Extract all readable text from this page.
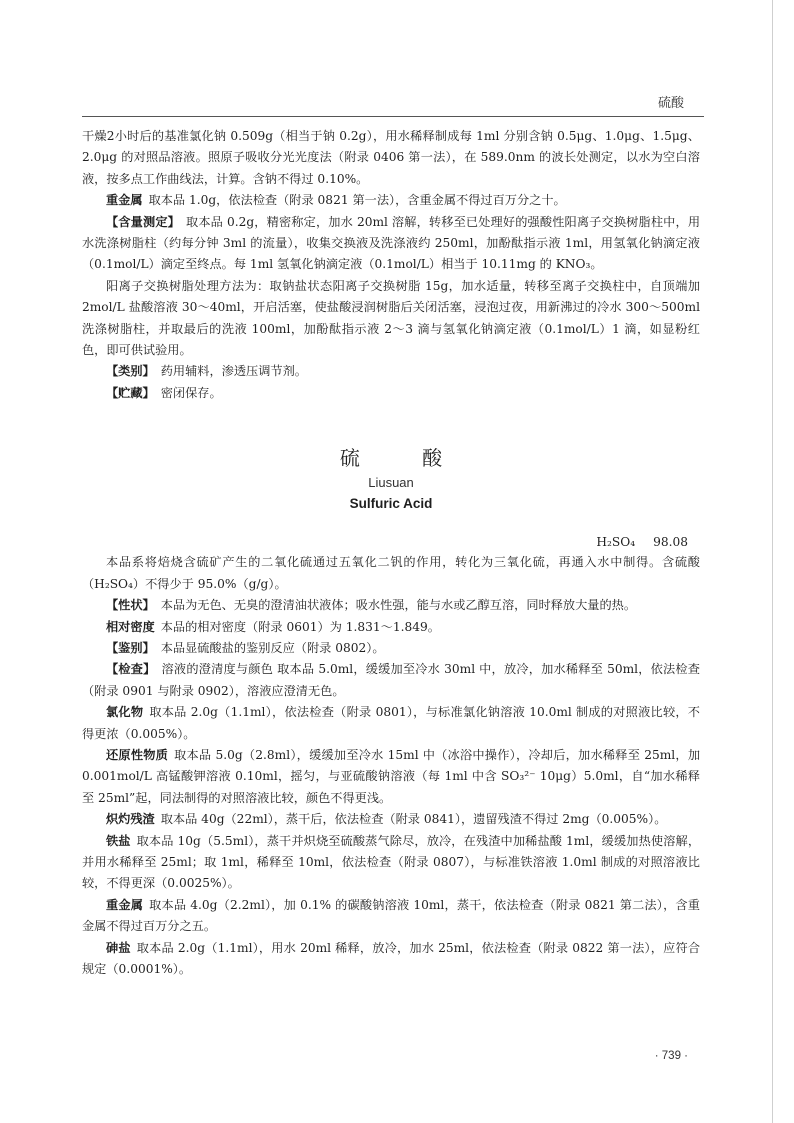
硫酸

干燥2小时后的基准氯化钠 0.509g（相当于钠 0.2g），用水稀释制成每 1ml 分别含钠 0.5μg、1.0μg、1.5μg、2.0μg 的对照品溶液。照原子吸收分光光度法（附录 0406 第一法），在 589.0nm 的波长处测定，以水为空白溶液，按多点工作曲线法，计算。含钠不得过 0.10%。

重金属 取本品 1.0g，依法检查（附录 0821 第一法），含重金属不得过百万分之十。

【含量测定】 取本品 0.2g，精密称定，加水 20ml 溶解，转移至已处理好的强酸性阳离子交换树脂柱中，用水洗涤树脂柱（约每分钟 3ml 的流量），收集交换液及洗涤液约 250ml，加酚酞指示液 1ml，用氢氧化钠滴定液（0.1mol/L）滴定至终点。每 1ml 氢氧化钠滴定液（0.1mol/L）相当于 10.11mg 的 KNO₃。

阳离子交换树脂处理方法为：取钠盐状态阳离子交换树脂 15g，加水适量，转移至离子交换柱中，自顶端加 2mol/L 盐酸溶液 30～40ml，开启活塞，使盐酸浸润树脂后关闭活塞，浸泡过夜，用新沸过的冷水 300～500ml 洗涤树脂柱，并取最后的洗液 100ml，加酚酞指示液 2～3 滴与氢氧化钠滴定液（0.1mol/L）1 滴，如显粉红色，即可供试验用。

【类别】 药用辅料，渗透压调节剂。

【贮藏】 密闭保存。

硫 酸
Liusuan
Sulfuric Acid
H₂SO₄ 98.08

本品系将焙烧含硫矿产生的二氧化硫通过五氧化二钒的作用，转化为三氧化硫，再通入水中制得。含硫酸（H₂SO₄）不得少于 95.0%（g/g）。

【性状】 本品为无色、无臭的澄清油状液体；吸水性强，能与水或乙醇互溶，同时释放大量的热。

相对密度 本品的相对密度（附录 0601）为 1.831～1.849。

【鉴别】 本品显硫酸盐的鉴别反应（附录 0802）。

【检查】 溶液的澄清度与颜色 取本品 5.0ml，缓缓加至冷水 30ml 中，放冷，加水稀释至 50ml，依法检查（附录 0901 与附录 0902），溶液应澄清无色。

氯化物 取本品 2.0g（1.1ml），依法检查（附录 0801），与标准氯化钠溶液 10.0ml 制成的对照液比较，不得更浓（0.005%）。

还原性物质 取本品 5.0g（2.8ml），缓缓加至冷水 15ml 中（冰浴中操作），冷却后，加水稀释至 25ml，加 0.001mol/L 高锰酸钾溶液 0.10ml，摇匀，与亚硫酸钠溶液（每 1ml 中含 SO₃²⁻ 10μg）5.0ml，自“加水稀释至 25ml”起，同法制得的对照溶液比较，颜色不得更浅。

炽灼残渣 取本品 40g（22ml），蒸干后，依法检查（附录 0841），遗留残渣不得过 2mg（0.005%）。

铁盐 取本品 10g（5.5ml），蒸干并炽烧至硫酸蒸气除尽，放冷，在残渣中加稀盐酸 1ml，缓缓加热使溶解，并用水稀释至 25ml；取 1ml，稀释至 10ml，依法检查（附录 0807），与标准铁溶液 1.0ml 制成的对照溶液比较，不得更深（0.0025%）。

重金属 取本品 4.0g（2.2ml），加 0.1% 的碳酸钠溶液 10ml，蒸干，依法检查（附录 0821 第二法），含重金属不得过百万分之五。

砷盐 取本品 2.0g（1.1ml），用水 20ml 稀释，放冷，加水 25ml，依法检查（附录 0822 第一法），应符合规定（0.0001%）。

· 739 ·
